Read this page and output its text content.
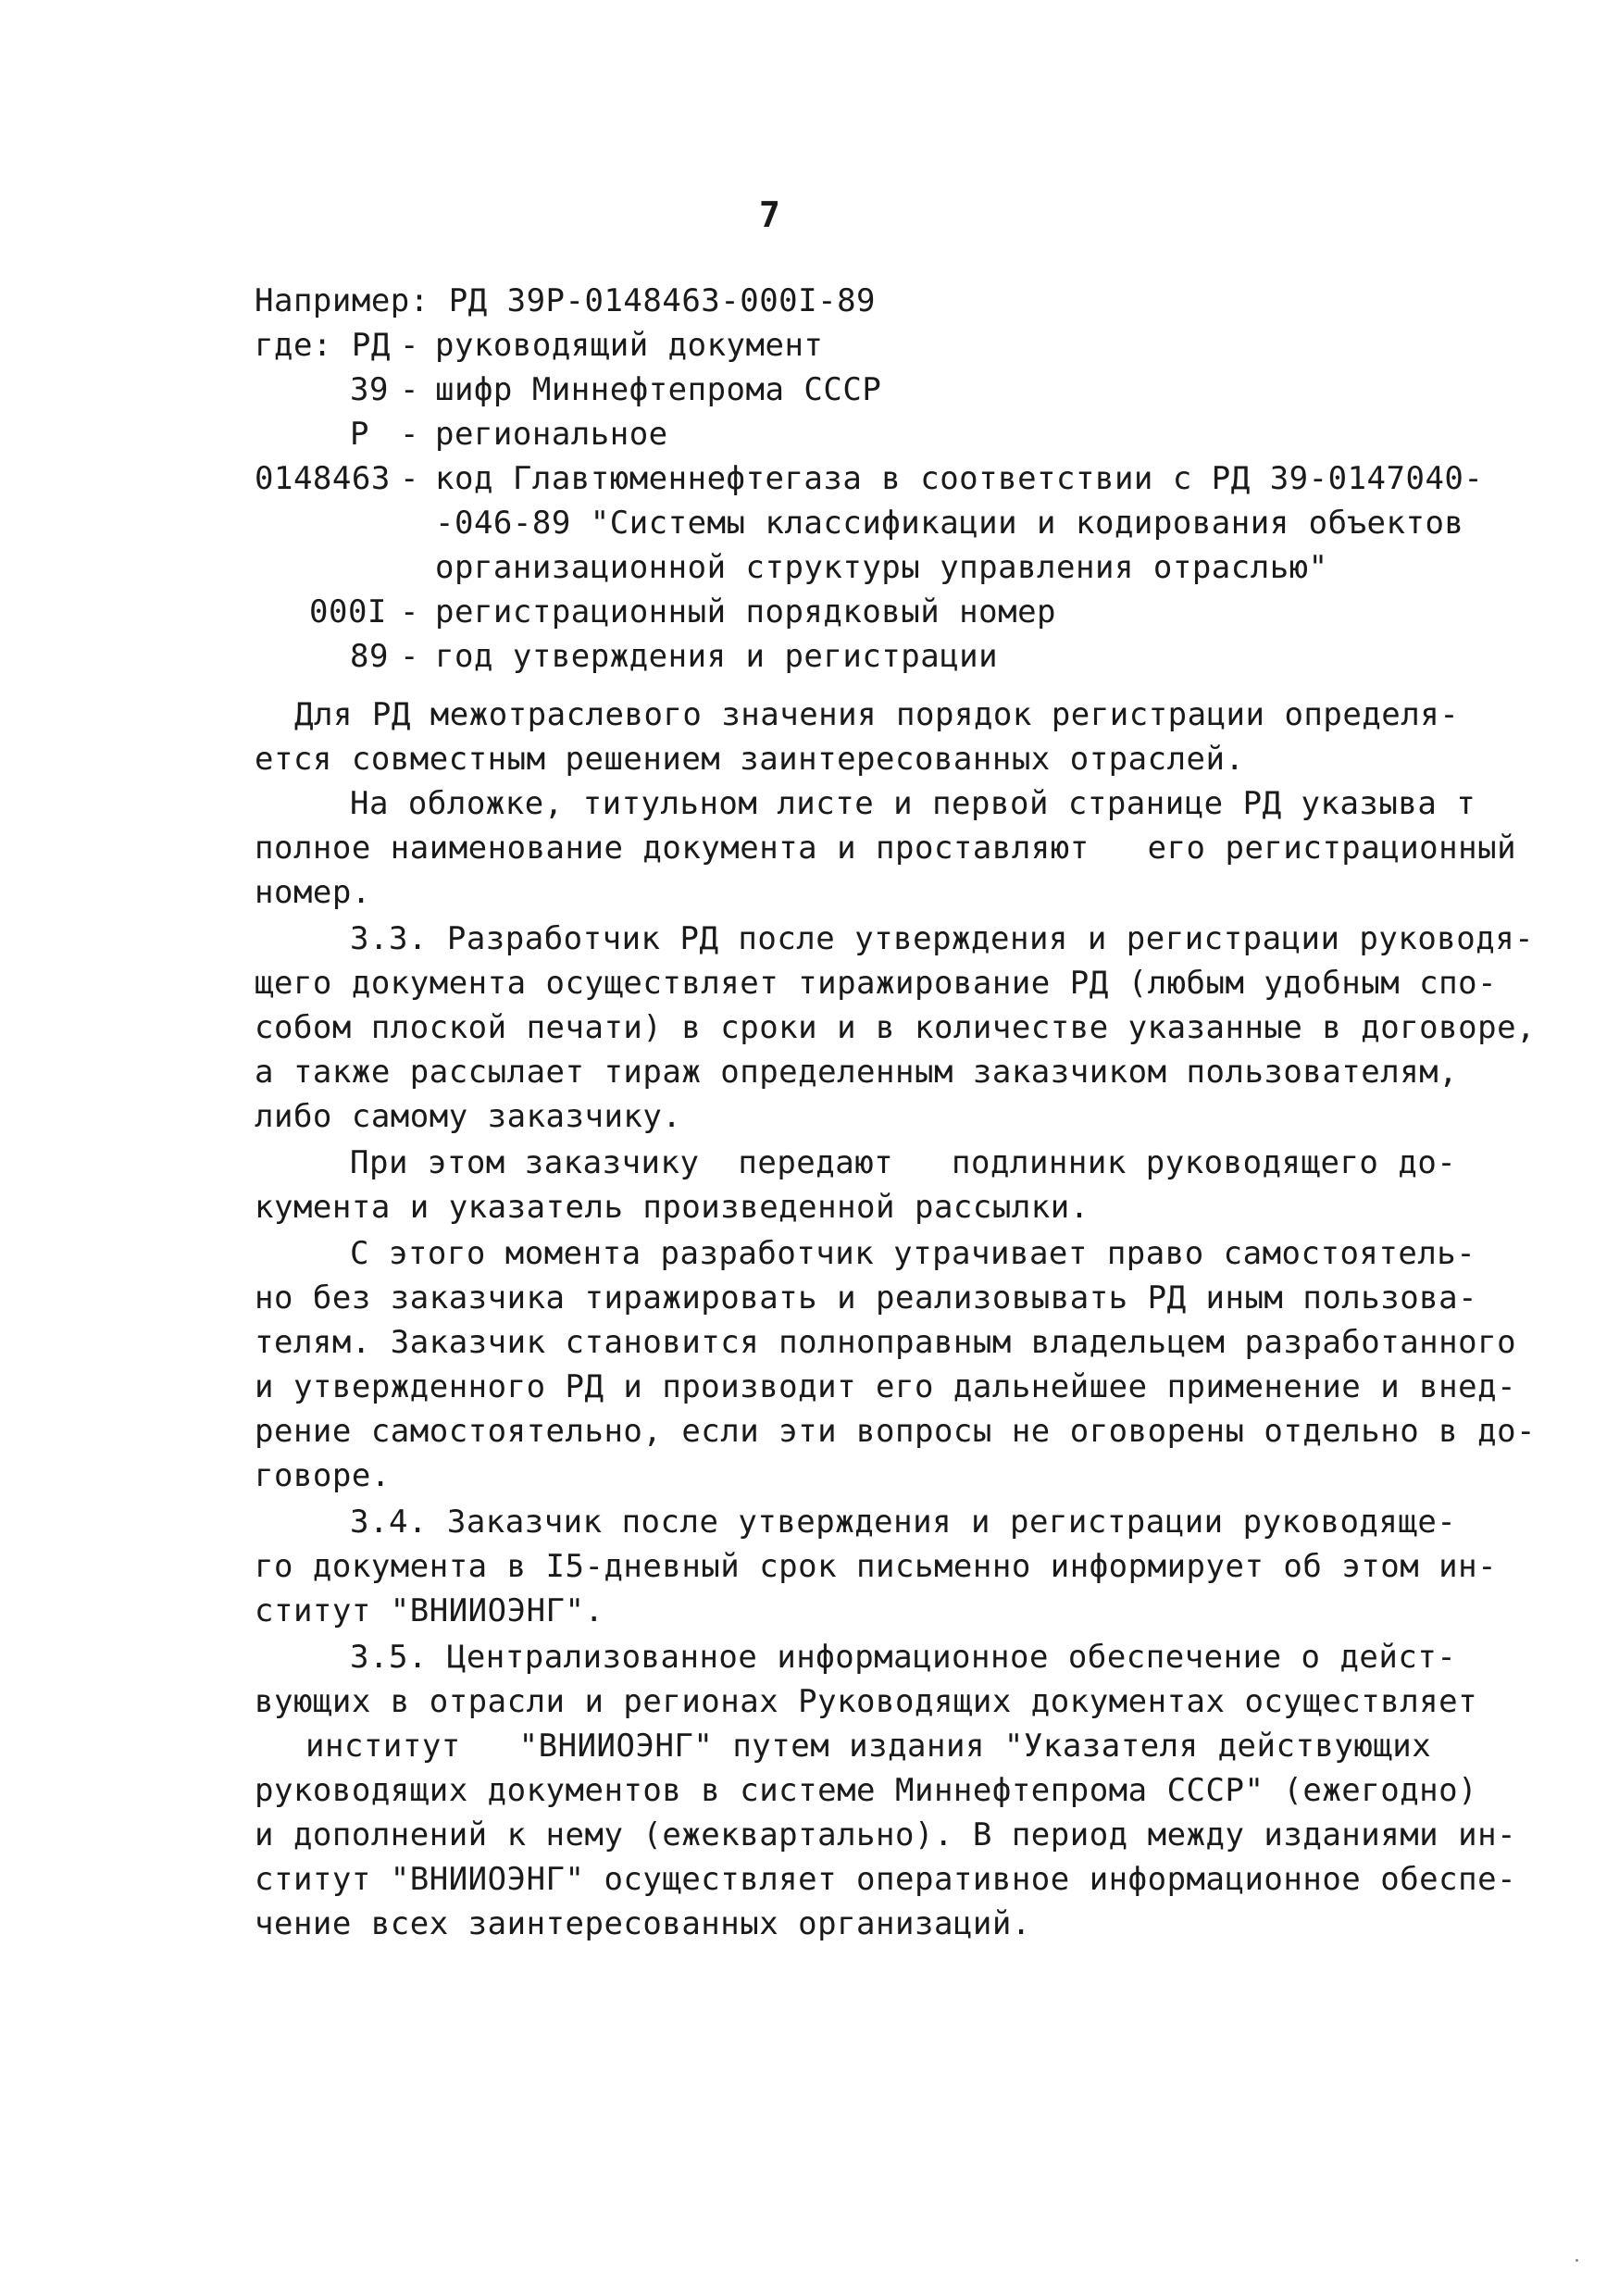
7
Например: РД 39Р-0148463-000I-89
где: РД - руководящий документ
39 - шифр Миннефтепрома СССР
Р - региональное
0148463 - код Главтюменнефтегаза в соответствии с РД 39-0147040-
-046-89 "Системы классификации и кодирования объектов
организационной структуры управления отраслью"
000I - регистрационный порядковый номер
89 - год утверждения и регистрации
Для РД межотраслевого значения порядок регистрации определя-
ется совместным решением заинтересованных отраслей.
На обложке, титульном листе и первой странице РД указыва т
полное наименование документа и проставляют   его регистрационный
номер.
3.3. Разработчик РД после утверждения и регистрации руководя-
щего документа осуществляет тиражирование РД (любым удобным спо-
собом плоской печати) в сроки и в количестве указанные в договоре,
а также рассылает тираж определенным заказчиком пользователям,
либо самому заказчику.
При этом заказчику  передают   подлинник руководящего до-
кумента и указатель произведенной рассылки.
С этого момента разработчик утрачивает право самостоятель-
но без заказчика тиражировать и реализовывать РД иным пользова-
телям. Заказчик становится полноправным владельцем разработанного
и утвержденного РД и производит его дальнейшее применение и внед-
рение самостоятельно, если эти вопросы не оговорены отдельно в до-
говоре.
3.4. Заказчик после утверждения и регистрации руководяще-
го документа в I5-дневный срок письменно информирует об этом ин-
ститут "ВНИИОЭНГ".
3.5. Централизованное информационное обеспечение о дейст-
вующих в отрасли и регионах Руководящих документах осуществляет
институт   "ВНИИОЭНГ" путем издания "Указателя действующих
руководящих документов в системе Миннефтепрома СССР" (ежегодно)
и дополнений к нему (ежеквартально). В период между изданиями ин-
ститут "ВНИИОЭНГ" осуществляет оперативное информационное обеспе-
чение всех заинтересованных организаций.
